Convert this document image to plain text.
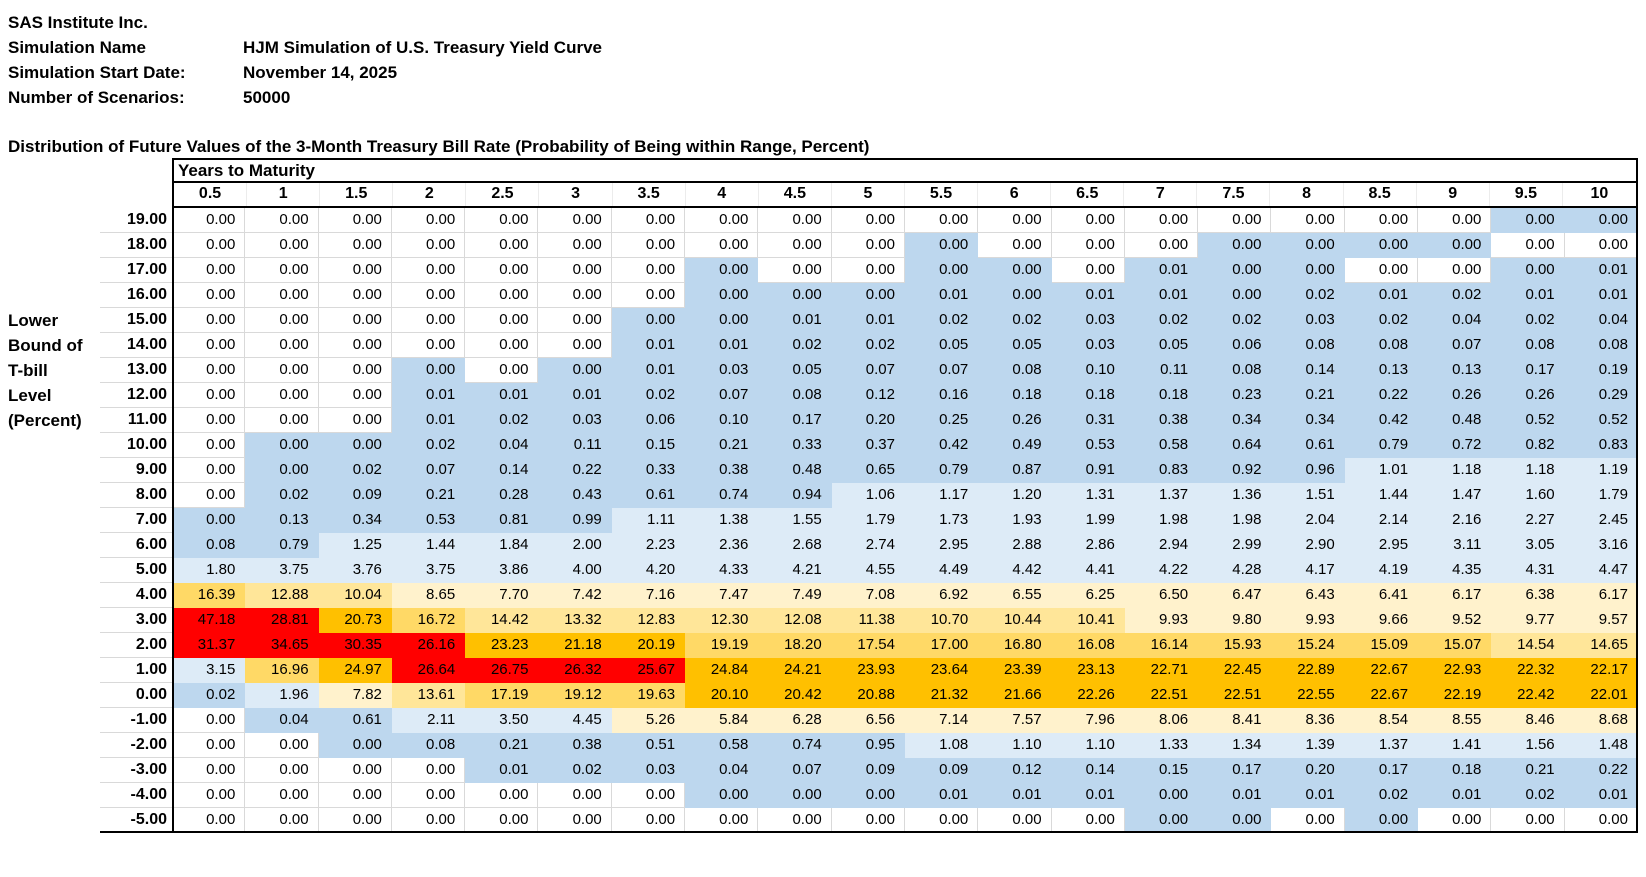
SAS Institute Inc.
Simulation Name	HJM Simulation of U.S. Treasury Yield Curve
Simulation Start Date:	November 14, 2025
Number of Scenarios:	50000
Distribution of Future Values of the 3-Month Treasury Bill Rate (Probability of Being within Range, Percent)
Lower
Bound of
T-bill
Level
(Percent)
Years to Maturity
0.5	1	1.5	2	2.5	3	3.5	4	4.5	5	5.5	6	6.5	7	7.5	8	8.5	9	9.5	10
19.00	0.00	0.00	0.00	0.00	0.00	0.00	0.00	0.00	0.00	0.00	0.00	0.00	0.00	0.00	0.00	0.00	0.00	0.00	0.00	0.00
18.00	0.00	0.00	0.00	0.00	0.00	0.00	0.00	0.00	0.00	0.00	0.00	0.00	0.00	0.00	0.00	0.00	0.00	0.00	0.00	0.00
17.00	0.00	0.00	0.00	0.00	0.00	0.00	0.00	0.00	0.00	0.00	0.00	0.00	0.00	0.01	0.00	0.00	0.00	0.00	0.00	0.01
16.00	0.00	0.00	0.00	0.00	0.00	0.00	0.00	0.00	0.00	0.00	0.01	0.00	0.01	0.01	0.00	0.02	0.01	0.02	0.01	0.01
15.00	0.00	0.00	0.00	0.00	0.00	0.00	0.00	0.00	0.01	0.01	0.02	0.02	0.03	0.02	0.02	0.03	0.02	0.04	0.02	0.04
14.00	0.00	0.00	0.00	0.00	0.00	0.00	0.01	0.01	0.02	0.02	0.05	0.05	0.03	0.05	0.06	0.08	0.08	0.07	0.08	0.08
13.00	0.00	0.00	0.00	0.00	0.00	0.00	0.01	0.03	0.05	0.07	0.07	0.08	0.10	0.11	0.08	0.14	0.13	0.13	0.17	0.19
12.00	0.00	0.00	0.00	0.01	0.01	0.01	0.02	0.07	0.08	0.12	0.16	0.18	0.18	0.18	0.23	0.21	0.22	0.26	0.26	0.29
11.00	0.00	0.00	0.00	0.01	0.02	0.03	0.06	0.10	0.17	0.20	0.25	0.26	0.31	0.38	0.34	0.34	0.42	0.48	0.52	0.52
10.00	0.00	0.00	0.00	0.02	0.04	0.11	0.15	0.21	0.33	0.37	0.42	0.49	0.53	0.58	0.64	0.61	0.79	0.72	0.82	0.83
9.00	0.00	0.00	0.02	0.07	0.14	0.22	0.33	0.38	0.48	0.65	0.79	0.87	0.91	0.83	0.92	0.96	1.01	1.18	1.18	1.19
8.00	0.00	0.02	0.09	0.21	0.28	0.43	0.61	0.74	0.94	1.06	1.17	1.20	1.31	1.37	1.36	1.51	1.44	1.47	1.60	1.79
7.00	0.00	0.13	0.34	0.53	0.81	0.99	1.11	1.38	1.55	1.79	1.73	1.93	1.99	1.98	1.98	2.04	2.14	2.16	2.27	2.45
6.00	0.08	0.79	1.25	1.44	1.84	2.00	2.23	2.36	2.68	2.74	2.95	2.88	2.86	2.94	2.99	2.90	2.95	3.11	3.05	3.16
5.00	1.80	3.75	3.76	3.75	3.86	4.00	4.20	4.33	4.21	4.55	4.49	4.42	4.41	4.22	4.28	4.17	4.19	4.35	4.31	4.47
4.00	16.39	12.88	10.04	8.65	7.70	7.42	7.16	7.47	7.49	7.08	6.92	6.55	6.25	6.50	6.47	6.43	6.41	6.17	6.38	6.17
3.00	47.18	28.81	20.73	16.72	14.42	13.32	12.83	12.30	12.08	11.38	10.70	10.44	10.41	9.93	9.80	9.93	9.66	9.52	9.77	9.57
2.00	31.37	34.65	30.35	26.16	23.23	21.18	20.19	19.19	18.20	17.54	17.00	16.80	16.08	16.14	15.93	15.24	15.09	15.07	14.54	14.65
1.00	3.15	16.96	24.97	26.64	26.75	26.32	25.67	24.84	24.21	23.93	23.64	23.39	23.13	22.71	22.45	22.89	22.67	22.93	22.32	22.17
0.00	0.02	1.96	7.82	13.61	17.19	19.12	19.63	20.10	20.42	20.88	21.32	21.66	22.26	22.51	22.51	22.55	22.67	22.19	22.42	22.01
-1.00	0.00	0.04	0.61	2.11	3.50	4.45	5.26	5.84	6.28	6.56	7.14	7.57	7.96	8.06	8.41	8.36	8.54	8.55	8.46	8.68
-2.00	0.00	0.00	0.00	0.08	0.21	0.38	0.51	0.58	0.74	0.95	1.08	1.10	1.10	1.33	1.34	1.39	1.37	1.41	1.56	1.48
-3.00	0.00	0.00	0.00	0.00	0.01	0.02	0.03	0.04	0.07	0.09	0.09	0.12	0.14	0.15	0.17	0.20	0.17	0.18	0.21	0.22
-4.00	0.00	0.00	0.00	0.00	0.00	0.00	0.00	0.00	0.00	0.00	0.01	0.01	0.01	0.00	0.01	0.01	0.02	0.01	0.02	0.01
-5.00	0.00	0.00	0.00	0.00	0.00	0.00	0.00	0.00	0.00	0.00	0.00	0.00	0.00	0.00	0.00	0.00	0.00	0.00	0.00	0.00
